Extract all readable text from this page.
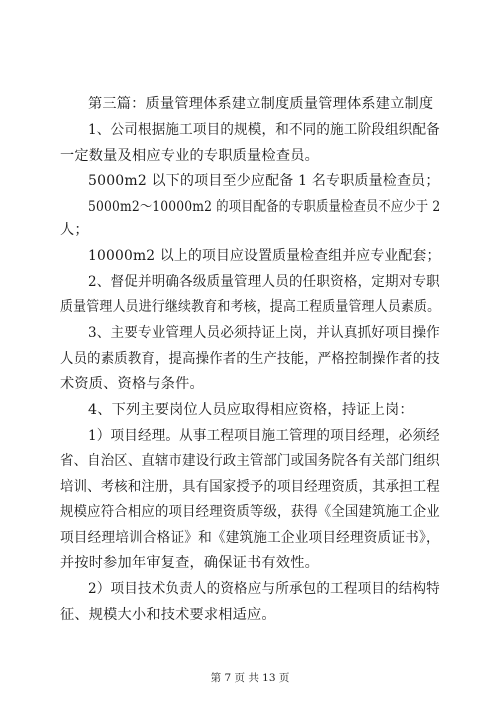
第三篇：质量管理体系建立制度质量管理体系建立制度
1、公司根据施工项目的规模，和不同的施工阶段组织配备
一定数量及相应专业的专职质量检查员。
5000m2 以下的项目至少应配备 1 名专职质量检查员；
5000m2～10000m2 的项目配备的专职质量检查员不应少于 2
人；
10000m2 以上的项目应设置质量检查组并应专业配套；
2、督促并明确各级质量管理人员的任职资格，定期对专职
质量管理人员进行继续教育和考核，提高工程质量管理人员素质。
3、主要专业管理人员必须持证上岗，并认真抓好项目操作
人员的素质教育，提高操作者的生产技能，严格控制操作者的技
术资质、资格与条件。
4、下列主要岗位人员应取得相应资格，持证上岗：
1）项目经理。从事工程项目施工管理的项目经理，必须经
省、自治区、直辖市建设行政主管部门或国务院各有关部门组织
培训、考核和注册，具有国家授予的项目经理资质，其承担工程
规模应符合相应的项目经理资质等级，获得《全国建筑施工企业
项目经理培训合格证》和《建筑施工企业项目经理资质证书》，
并按时参加年审复查，确保证书有效性。
2）项目技术负责人的资格应与所承包的工程项目的结构特
征、规模大小和技术要求相适应。
第 7 页 共 13 页
